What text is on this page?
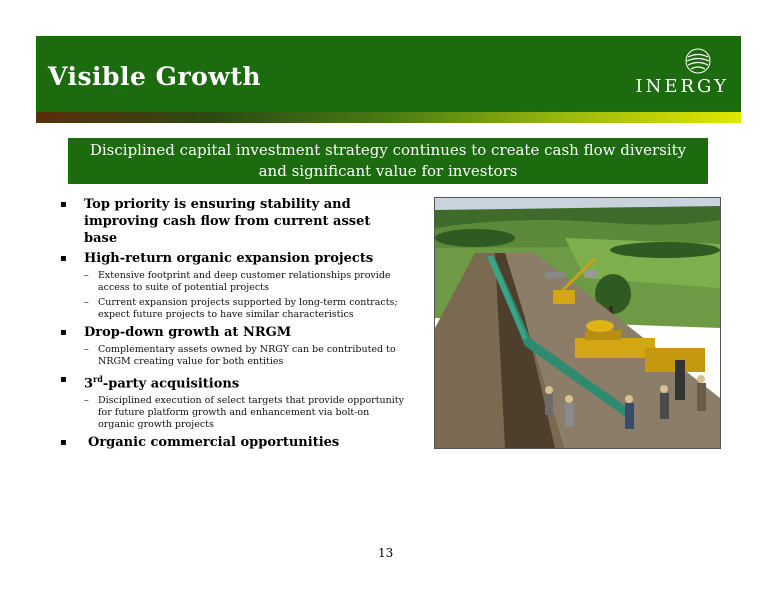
Visible Growth	INERGY
Disciplined capital investment strategy continues to create cash flow diversity and significant value for investors
▪ Top priority is ensuring stability and improving cash flow from current asset base
▪ High-return organic expansion projects
– Extensive footprint and deep customer relationships provide access to suite of potential projects
– Current expansion projects supported by long-term contracts; expect future projects to have similar characteristics
▪ Drop-down growth at NRGM
– Complementary assets owned by NRGY can be contributed to NRGM creating value for both entities
▪ 3rd-party acquisitions
– Disciplined execution of select targets that provide opportunity for future platform growth and enhancement via bolt-on organic growth projects
▪ Organic commercial opportunities
13
